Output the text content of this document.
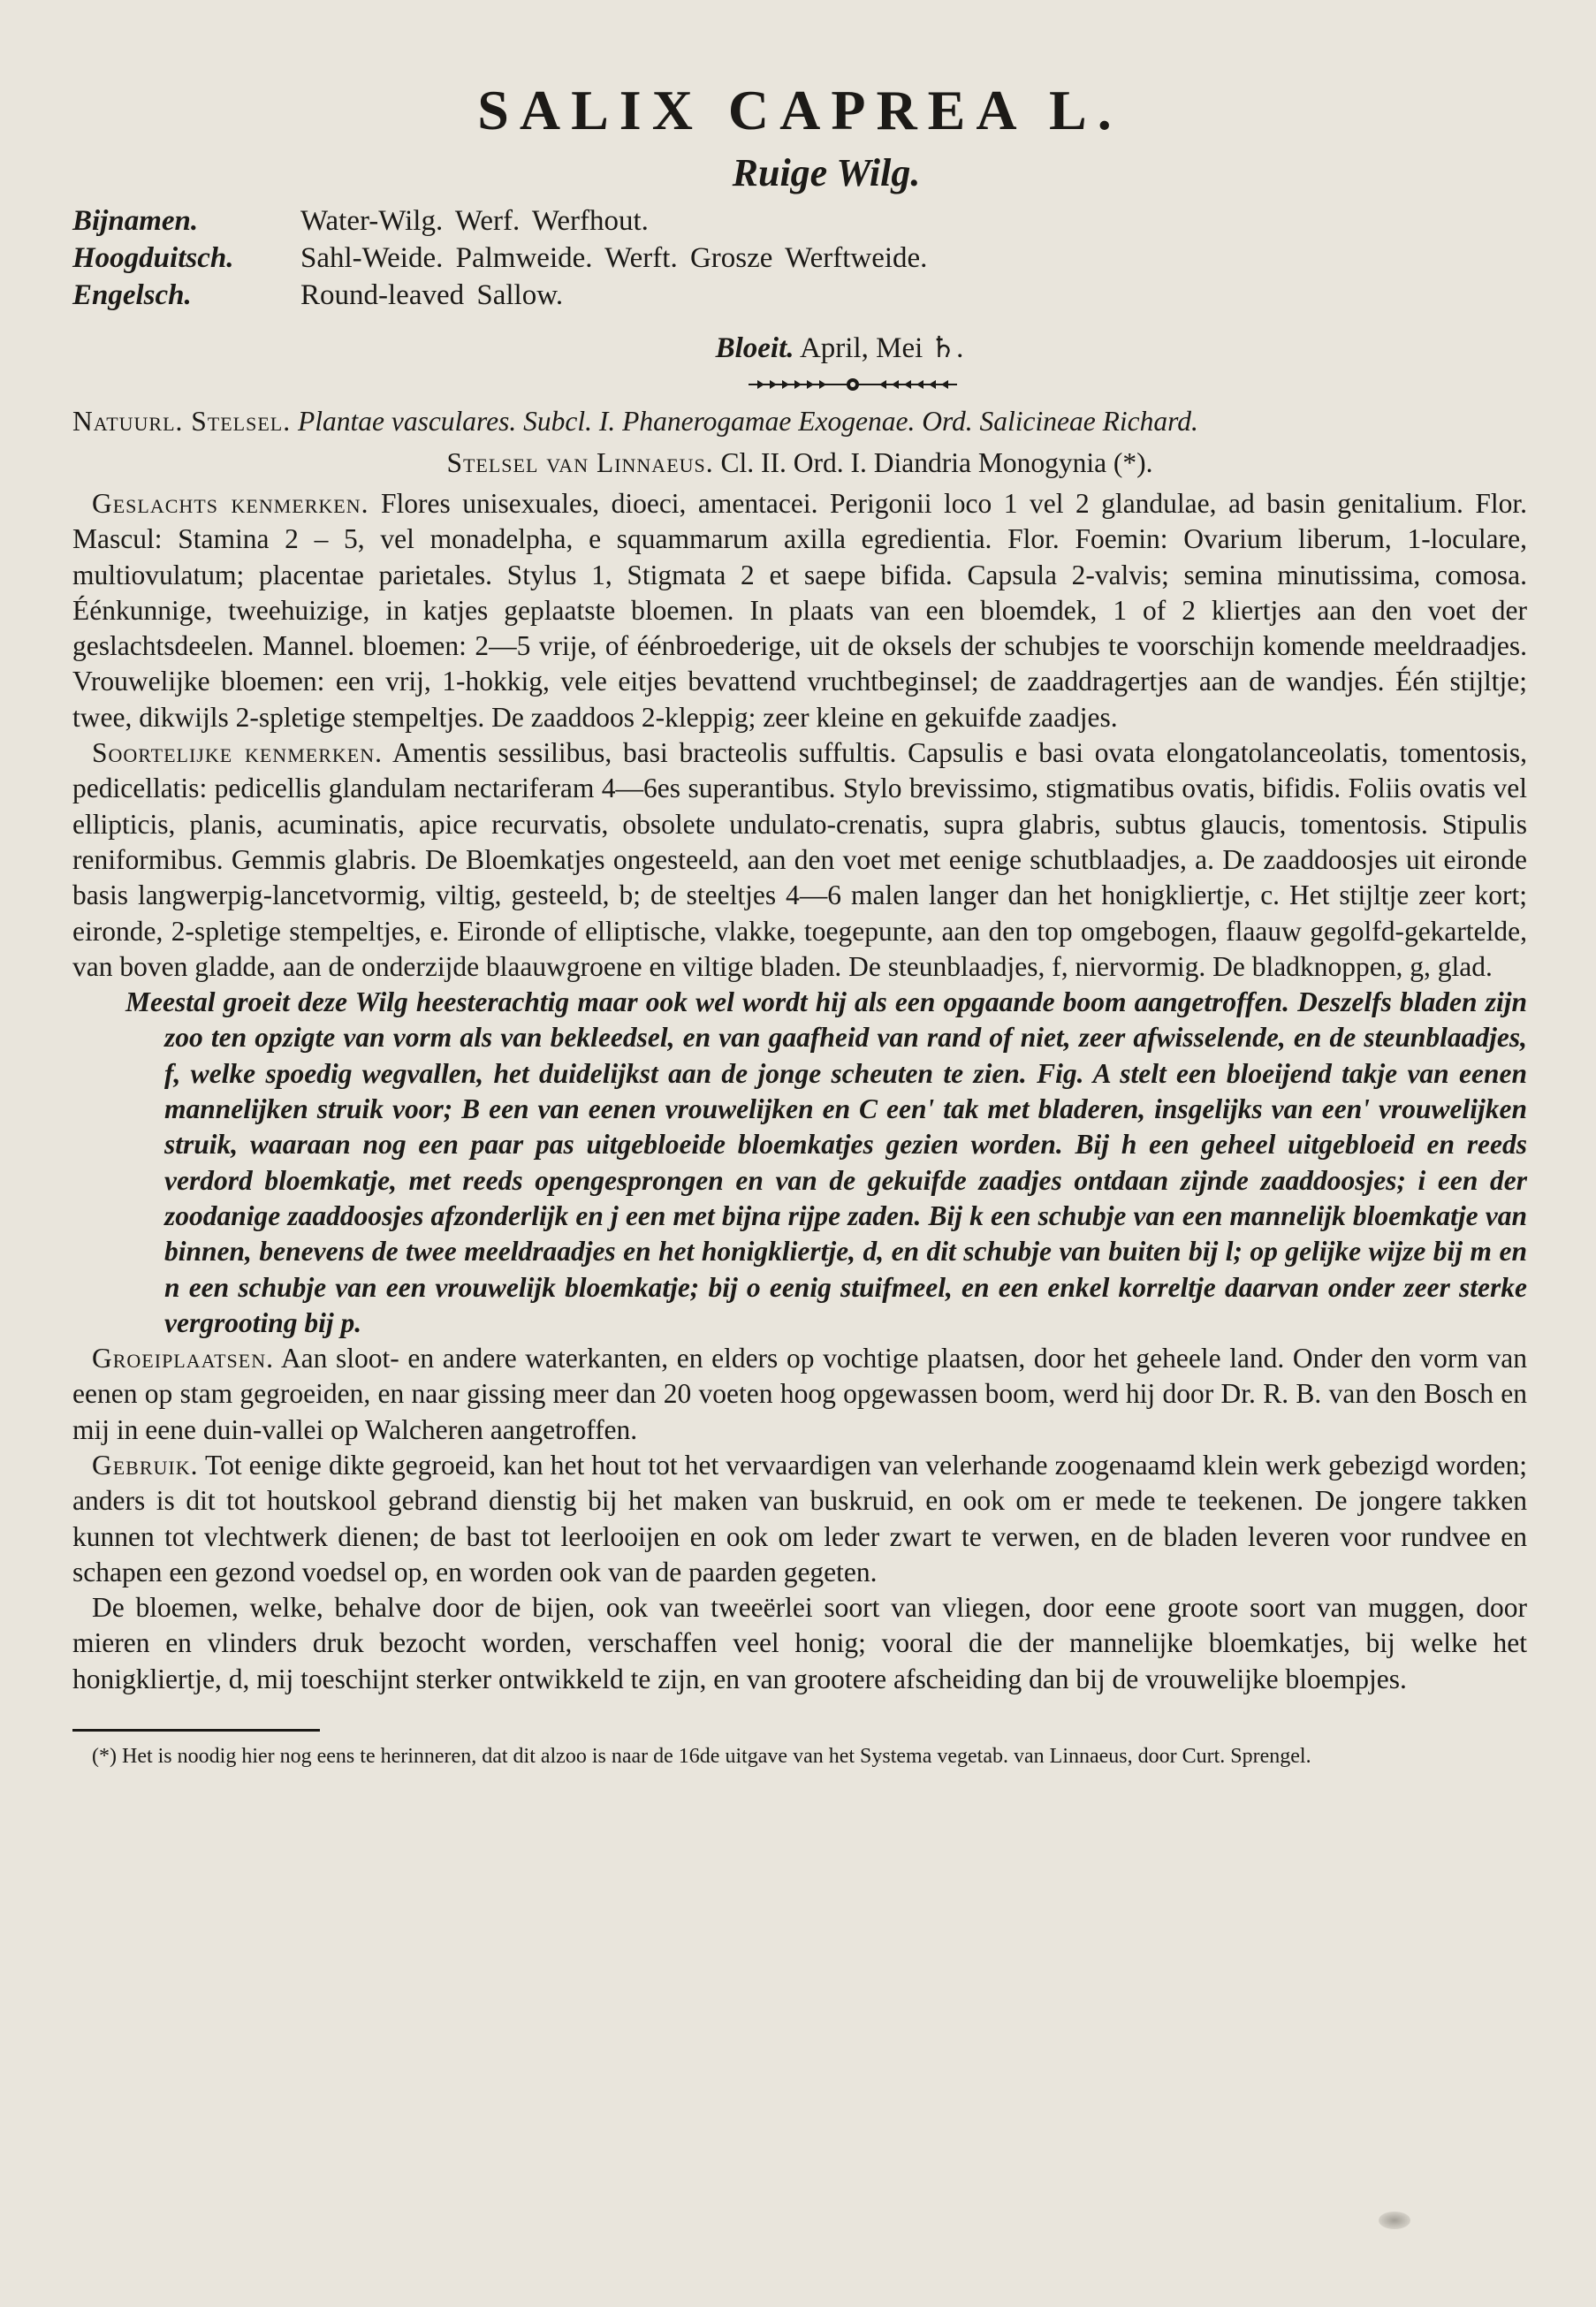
SALIX CAPREA L.
Ruige Wilg.
Bijnamen.	Water-Wilg. Werf. Werfhout.
Hoogduitsch.	Sahl-Weide. Palmweide. Werft. Grosze Werftweide.
Engelsch.	Round-leaved Sallow.
Bloeit. April, Mei ♄.

Natuurl. Stelsel. Plantae vasculares. Subcl. I. Phanerogamae Exogenae. Ord. Salicineae Richard.

Stelsel van Linnaeus. Cl. II. Ord. I. Diandria Monogynia (*).

Geslachts kenmerken. Flores unisexuales, dioeci, amentacei. Perigonii loco 1 vel 2 glandulae, ad basin genitalium. Flor. Mascul: Stamina 2 – 5, vel monadelpha, e squammarum axilla egredientia. Flor. Foemin: Ovarium liberum, 1-loculare, multiovulatum; placentae parietales. Stylus 1, Stigmata 2 et saepe bifida. Capsula 2-valvis; semina minutissima, comosa. Éénkunnige, tweehuizige, in katjes geplaatste bloemen. In plaats van een bloemdek, 1 of 2 kliertjes aan den voet der geslachtsdeelen. Mannel. bloemen: 2—5 vrije, of éénbroederige, uit de oksels der schubjes te voorschijn komende meeldraadjes. Vrouwelijke bloemen: een vrij, 1-hokkig, vele eitjes bevattend vruchtbeginsel; de zaaddragertjes aan de wandjes. Één stijltje; twee, dikwijls 2-spletige stempeltjes. De zaaddoos 2-kleppig; zeer kleine en gekuifde zaadjes.

Soortelijke kenmerken. Amentis sessilibus, basi bracteolis suffultis. Capsulis e basi ovata elongatolanceolatis, tomentosis, pedicellatis: pedicellis glandulam nectariferam 4—6es superantibus. Stylo brevissimo, stigmatibus ovatis, bifidis. Foliis ovatis vel ellipticis, planis, acuminatis, apice recurvatis, obsolete undulato-crenatis, supra glabris, subtus glaucis, tomentosis. Stipulis reniformibus. Gemmis glabris. De Bloemkatjes ongesteeld, aan den voet met eenige schutblaadjes, a. De zaaddoosjes uit eironde basis langwerpig-lancetvormig, viltig, gesteeld, b; de steeltjes 4—6 malen langer dan het honigkliertje, c. Het stijltje zeer kort; eironde, 2-spletige stempeltjes, e. Eironde of elliptische, vlakke, toegepunte, aan den top omgebogen, flaauw gegolfd-gekartelde, van boven gladde, aan de onderzijde blaauwgroene en viltige bladen. De steunblaadjes, f, niervormig. De bladknoppen, g, glad.

Meestal groeit deze Wilg heesterachtig maar ook wel wordt hij als een opgaande boom aangetroffen. Deszelfs bladen zijn zoo ten opzigte van vorm als van bekleedsel, en van gaafheid van rand of niet, zeer afwisselende, en de steunblaadjes, f, welke spoedig wegvallen, het duidelijkst aan de jonge scheuten te zien. Fig. A stelt een bloeijend takje van eenen mannelijken struik voor; B een van eenen vrouwelijken en C een' tak met bladeren, insgelijks van een' vrouwelijken struik, waaraan nog een paar pas uitgebloeide bloemkatjes gezien worden. Bij h een geheel uitgebloeid en reeds verdord bloemkatje, met reeds opengesprongen en van de gekuifde zaadjes ontdaan zijnde zaaddoosjes; i een der zoodanige zaaddoosjes afzonderlijk en j een met bijna rijpe zaden. Bij k een schubje van een mannelijk bloemkatje van binnen, benevens de twee meeldraadjes en het honigkliertje, d, en dit schubje van buiten bij l; op gelijke wijze bij m en n een schubje van een vrouwelijk bloemkatje; bij o eenig stuifmeel, en een enkel korreltje daarvan onder zeer sterke vergrooting bij p.

Groeiplaatsen. Aan sloot- en andere waterkanten, en elders op vochtige plaatsen, door het geheele land. Onder den vorm van eenen op stam gegroeiden, en naar gissing meer dan 20 voeten hoog opgewassen boom, werd hij door Dr. R. B. van den Bosch en mij in eene duin-vallei op Walcheren aangetroffen.

Gebruik. Tot eenige dikte gegroeid, kan het hout tot het vervaardigen van velerhande zoogenaamd klein werk gebezigd worden; anders is dit tot houtskool gebrand dienstig bij het maken van buskruid, en ook om er mede te teekenen. De jongere takken kunnen tot vlechtwerk dienen; de bast tot leerlooijen en ook om leder zwart te verwen, en de bladen leveren voor rundvee en schapen een gezond voedsel op, en worden ook van de paarden gegeten.

De bloemen, welke, behalve door de bijen, ook van tweeërlei soort van vliegen, door eene groote soort van muggen, door mieren en vlinders druk bezocht worden, verschaffen veel honig; vooral die der mannelijke bloemkatjes, bij welke het honigkliertje, d, mij toeschijnt sterker ontwikkeld te zijn, en van grootere afscheiding dan bij de vrouwelijke bloempjes.

(*) Het is noodig hier nog eens te herinneren, dat dit alzoo is naar de 16de uitgave van het Systema vegetab. van Linnaeus, door Curt. Sprengel.
